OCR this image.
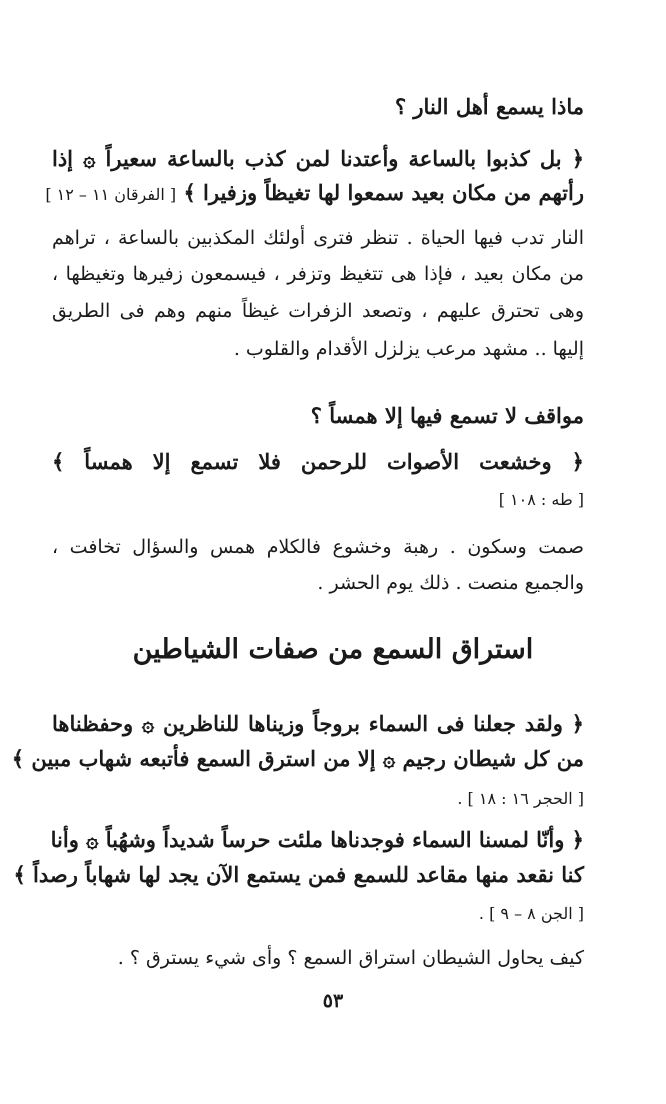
ماذا يسمع أهل النار ؟
﴿ بل كذبوا بالساعة وأعتدنا لمن كذب بالساعة سعيراً ۞ إذا
رأتهم من مكان بعيد سمعوا لها تغيظاً وزفيرا ﴾ [ الفرقان ١١ – ١٢ ]
النار تدب فيها الحياة . تنظر فترى أولئك المكذبين بالساعة ، تراهم
من مكان بعيد ، فإذا هى تتغيظ وتزفر ، فيسمعون زفيرها وتغيظها ،
وهى تحترق عليهم ، وتصعد الزفرات غيظاً منهم وهم فى الطريق
إليها .. مشهد مرعب يزلزل الأقدام والقلوب .
مواقف لا تسمع فيها إلا همساً ؟
﴿ وخشعت الأصوات للرحمن فلا تسمع إلا همساً ﴾
[ طه : ١٠٨ ]
صمت وسكون . رهبة وخشوع فالكلام همس والسؤال تخافت ،
والجميع منصت . ذلك يوم الحشر .
استراق السمع من صفات الشياطين
﴿ ولقد جعلنا فى السماء بروجاً وزيناها للناظرين ۞ وحفظناها
من كل شيطان رجيم ۞ إلا من استرق السمع فأتبعه شهاب مبين ﴾
[ الحجر ١٦ : ١٨ ] .
﴿ وأنّا لمسنا السماء فوجدناها ملئت حرساً شديداً وشهُباً ۞ وأنا
كنا نقعد منها مقاعد للسمع فمن يستمع الآن يجد لها شهاباً رصداً ﴾
[ الجن ٨ – ٩ ] .
كيف يحاول الشيطان استراق السمع ؟ وأى شيء يسترق ؟ .
٥٣
